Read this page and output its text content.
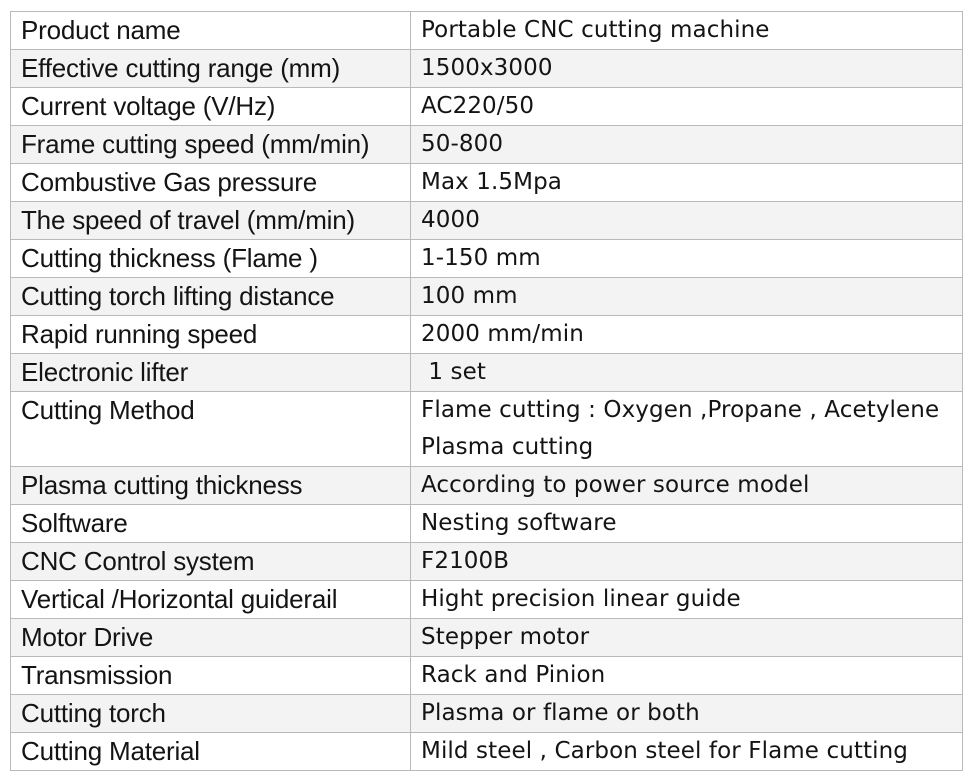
Product name	Portable CNC cutting machine

Effective cutting range (mm)	1500x3000

Current voltage (V/Hz)	AC220/50

Frame cutting speed (mm/min)	50-800

Combustive Gas pressure	Max 1.5Mpa

The speed of travel (mm/min)	4000

Cutting thickness (Flame )	1-150 mm

Cutting torch lifting distance	100 mm

Rapid running speed	2000 mm/min

Electronic lifter	1 set

Cutting Method	Flame cutting : Oxygen ,Propane , Acetylene
Plasma cutting

Plasma cutting thickness	According to power source model

Solftware	Nesting software

CNC Control system	F2100B

Vertical /Horizontal guiderail	Hight precision linear guide

Motor Drive	Stepper motor

Transmission	Rack and Pinion

Cutting torch	Plasma or flame or both

Cutting Material	Mild steel , Carbon steel for Flame cutting
